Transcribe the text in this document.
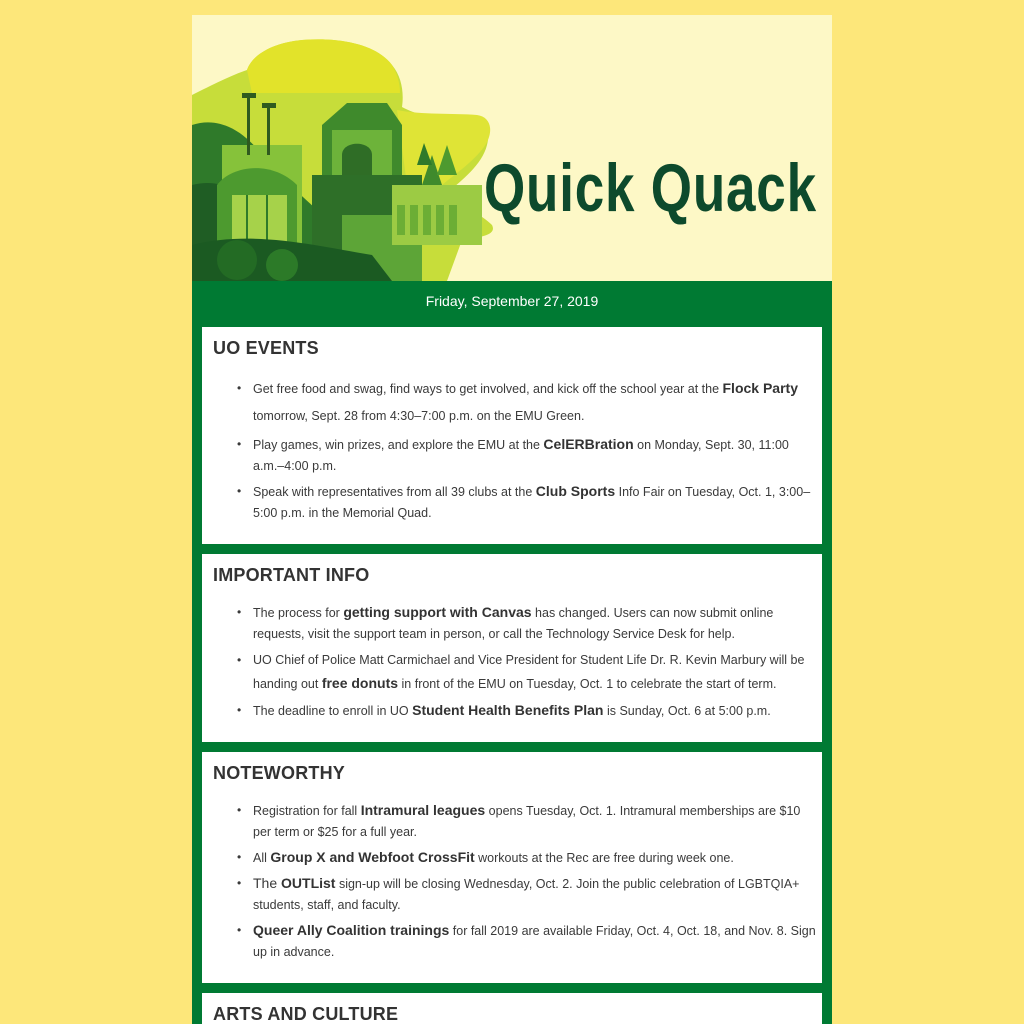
Quick Quack
Friday, September 27, 2019
UO EVENTS
• Get free food and swag, find ways to get involved, and kick off the school year at the Flock Party tomorrow, Sept. 28 from 4:30–7:00 p.m. on the EMU Green.
• Play games, win prizes, and explore the EMU at the CelERBration on Monday, Sept. 30, 11:00 a.m.–4:00 p.m.
• Speak with representatives from all 39 clubs at the Club Sports Info Fair on Tuesday, Oct. 1, 3:00–5:00 p.m. in the Memorial Quad.
IMPORTANT INFO
• The process for getting support with Canvas has changed. Users can now submit online requests, visit the support team in person, or call the Technology Service Desk for help.
• UO Chief of Police Matt Carmichael and Vice President for Student Life Dr. R. Kevin Marbury will be handing out free donuts in front of the EMU on Tuesday, Oct. 1 to celebrate the start of term.
• The deadline to enroll in UO Student Health Benefits Plan is Sunday, Oct. 6 at 5:00 p.m.
NOTEWORTHY
• Registration for fall Intramural leagues opens Tuesday, Oct. 1. Intramural memberships are $10 per term or $25 for a full year.
• All Group X and Webfoot CrossFit workouts at the Rec are free during week one.
• The OUTList sign-up will be closing Wednesday, Oct. 2. Join the public celebration of LGBTQIA+ students, staff, and faculty.
• Queer Ally Coalition trainings for fall 2019 are available Friday, Oct. 4, Oct. 18, and Nov. 8. Sign up in advance.
ARTS AND CULTURE
